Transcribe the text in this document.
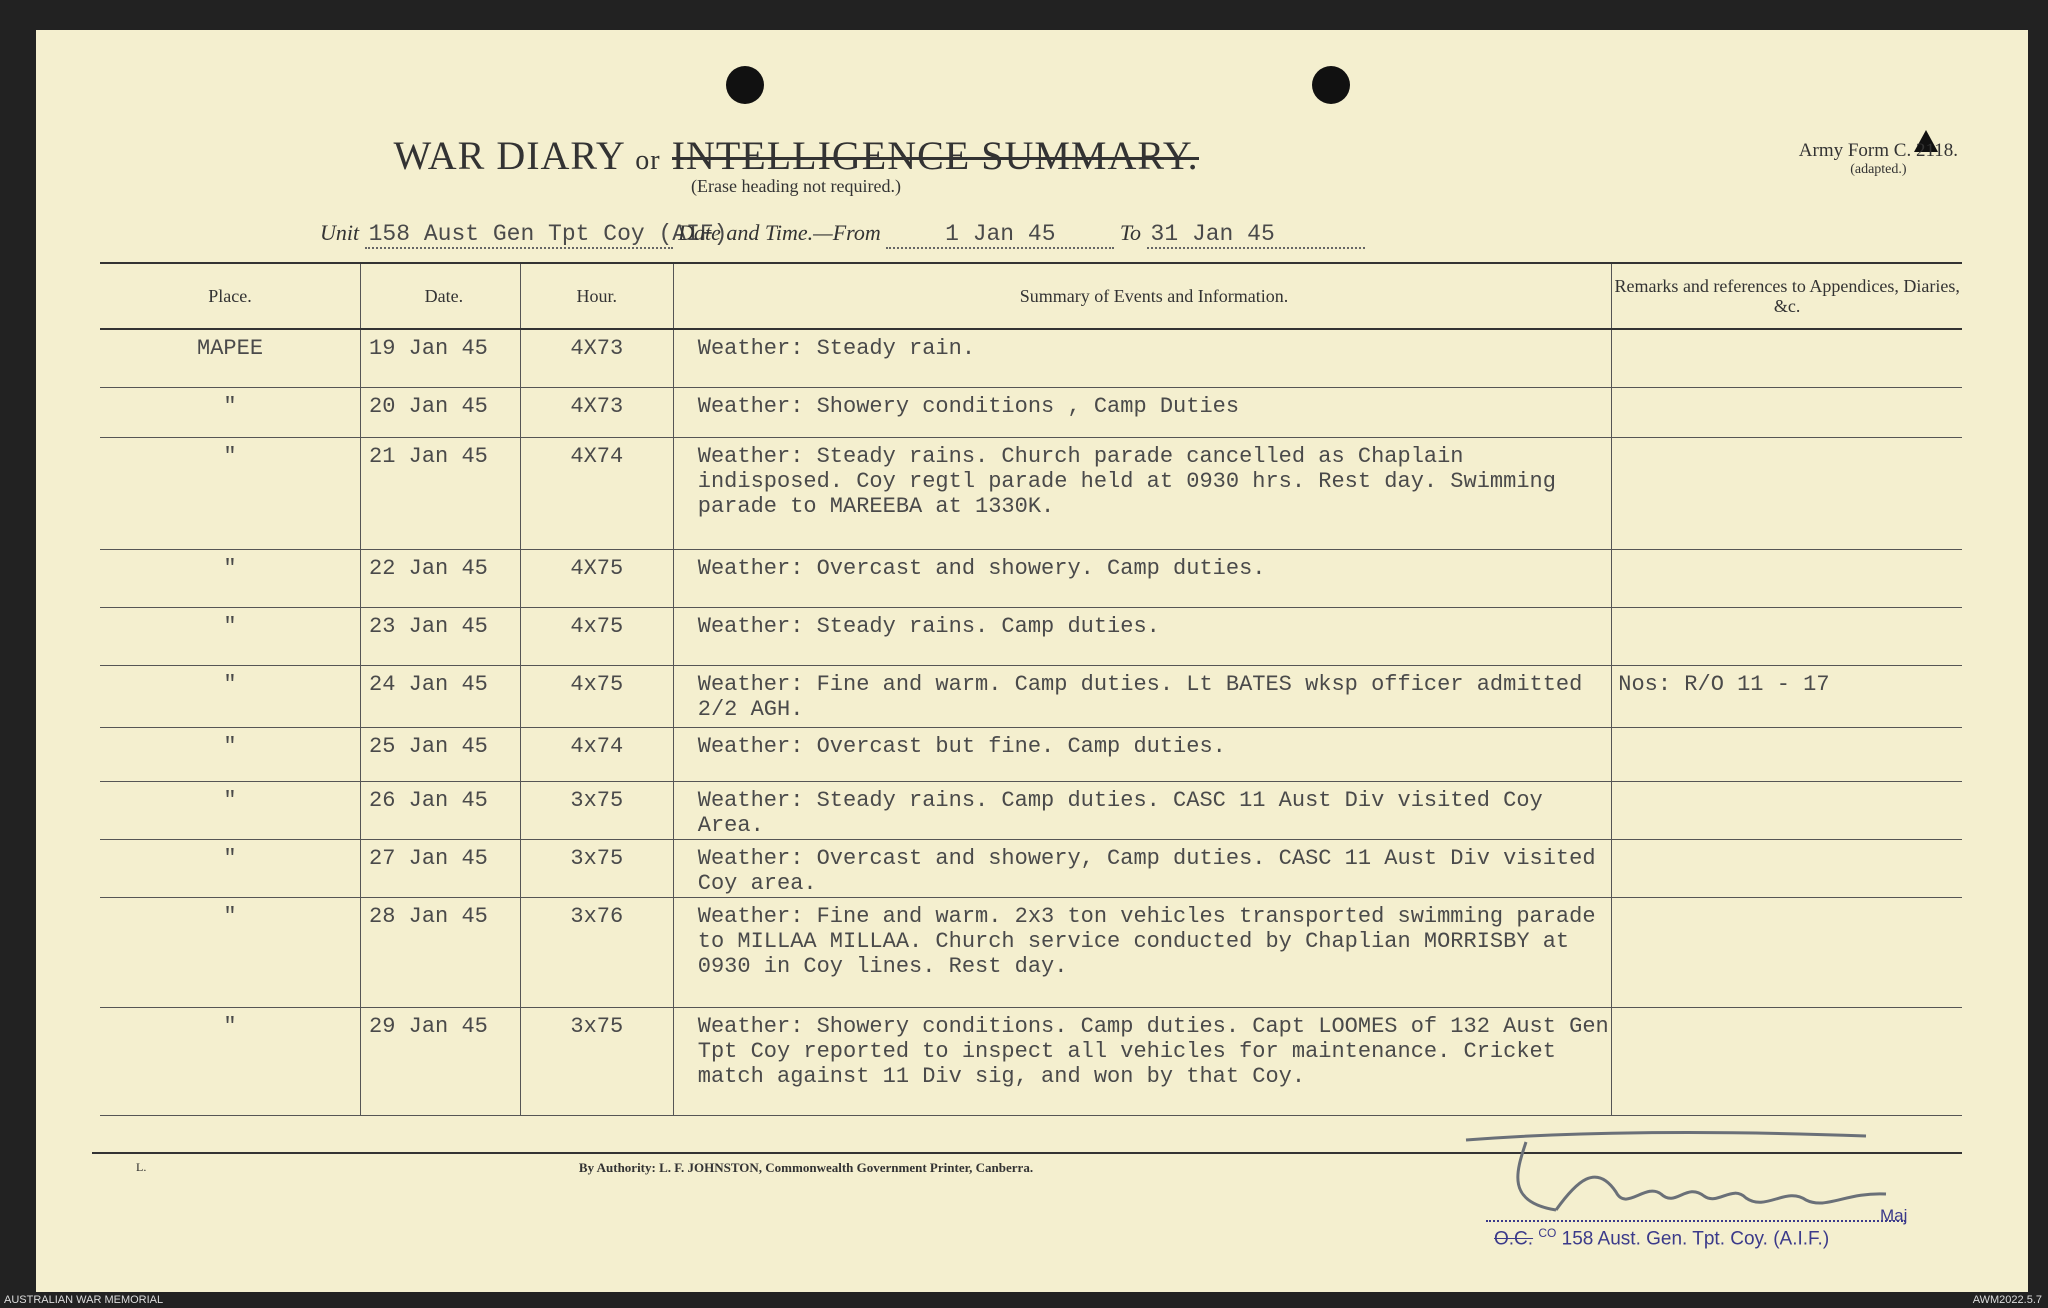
WAR DIARY or INTELLIGENCE SUMMARY.
(Erase heading not required.)
Army Form C. 2118.
(adapted.)
Unit 158 Aust Gen Tpt Coy (AIF) Date and Time.—From	1 Jan 45	To 31 Jan 45
Place.	Date.	Hour.	Summary of Events and Information.	Remarks and references to Appendices, Diaries, &c.
MAPEE	19 Jan 45	4X73	Weather: Steady rain.	
"	20 Jan 45	4X73	Weather: Showery conditions , Camp Duties	
"	21 Jan 45	4X74	Weather: Steady rains. Church parade cancelled as Chaplain indisposed. Coy regtl parade held at 0930 hrs. Rest day. Swimming parade to MAREEBA at 1330K.	
"	22 Jan 45	4X75	Weather: Overcast and showery. Camp duties.	
"	23 Jan 45	4x75	Weather: Steady rains. Camp duties.	
"	24 Jan 45	4x75	Weather: Fine and warm. Camp duties. Lt BATES wksp officer admitted 2/2 AGH.	Nos: R/O 11 - 17
"	25 Jan 45	4x74	Weather: Overcast but fine. Camp duties.	
"	26 Jan 45	3x75	Weather: Steady rains. Camp duties. CASC 11 Aust Div visited Coy Area.	
"	27 Jan 45	3x75	Weather: Overcast and showery, Camp duties. CASC 11 Aust Div visited Coy area.	
"	28 Jan 45	3x76	Weather: Fine and warm. 2x3 ton vehicles transported swimming parade to MILLAA MILLAA. Church service conducted by Chaplian MORRISBY at 0930 in Coy lines. Rest day.	
"	29 Jan 45	3x75	Weather: Showery conditions. Camp duties. Capt LOOMES of 132 Aust Gen Tpt Coy reported to inspect all vehicles for maintenance. Cricket match against 11 Div sig, and won by that Coy.	
L.	By Authority: L. F. JOHNSTON, Commonwealth Government Printer, Canberra.
Maj
O.C. $^{CO}$ 158 Aust. Gen. Tpt. Coy. (A.I.F.)
AUSTRALIAN WAR MEMORIAL	AWM2022.5.7
